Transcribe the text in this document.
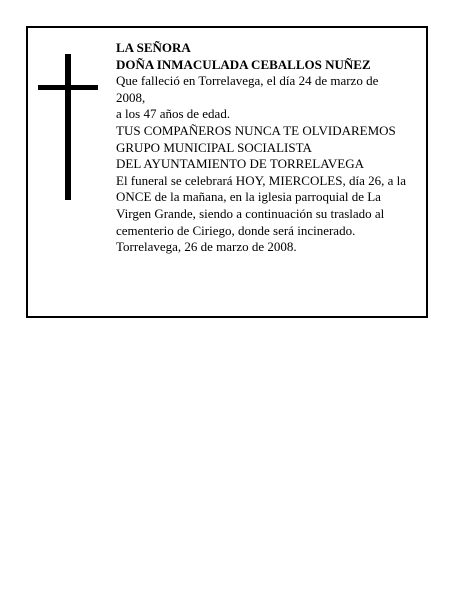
LA SEÑORA
DOÑA INMACULADA CEBALLOS NUÑEZ
Que falleció en Torrelavega, el día 24 de marzo de
2008,
a los 47 años de edad.
TUS COMPAÑEROS NUNCA TE OLVIDAREMOS
GRUPO MUNICIPAL SOCIALISTA
DEL AYUNTAMIENTO DE TORRELAVEGA
El funeral se celebrará HOY, MIERCOLES, día 26, a la
ONCE de la mañana, en la iglesia parroquial de La
Virgen Grande, siendo a continuación su traslado al
cementerio de Ciriego, donde será incinerado.
Torrelavega, 26 de marzo de 2008.
